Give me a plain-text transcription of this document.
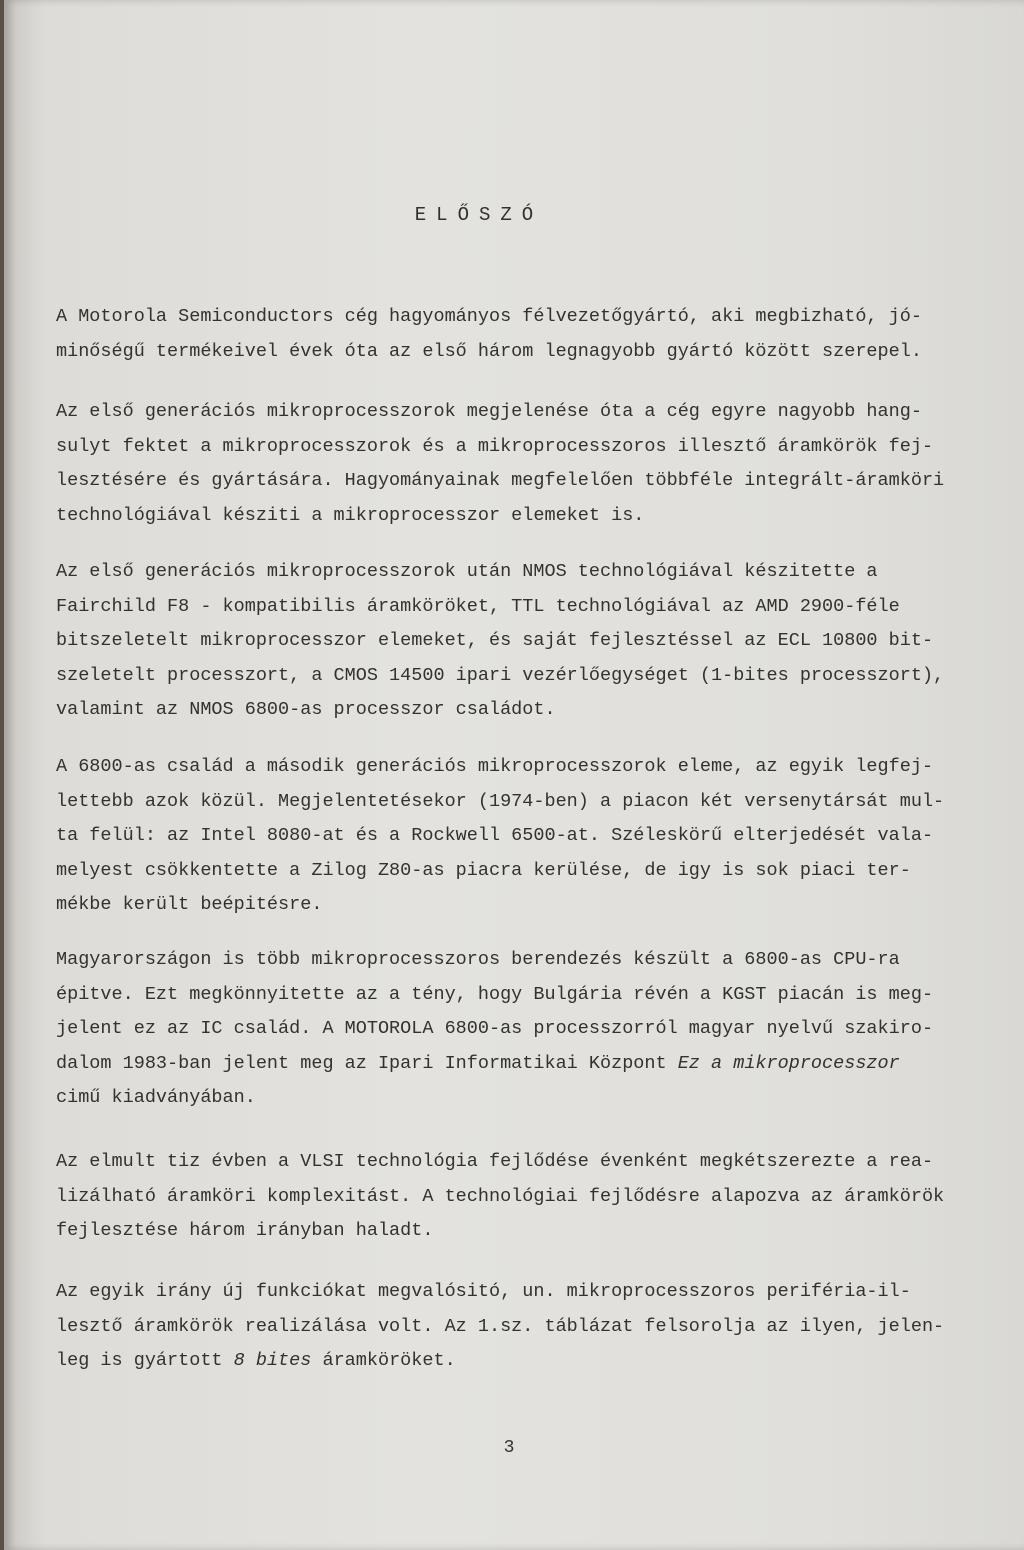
ELŐSZÓ

A Motorola Semiconductors cég hagyományos félvezetőgyártó, aki megbizható, jó-
minőségű termékeivel évek óta az első három legnagyobb gyártó között szerepel.

Az első generációs mikroprocesszorok megjelenése óta a cég egyre nagyobb hang-
sulyt fektet a mikroprocesszorok és a mikroprocesszoros illesztő áramkörök fej-
lesztésére és gyártására. Hagyományainak megfelelően többféle integrált-áramköri
technológiával késziti a mikroprocesszor elemeket is.

Az első generációs mikroprocesszorok után NMOS technológiával készitette a
Fairchild F8 - kompatibilis áramköröket, TTL technológiával az AMD 2900-féle
bitszeletelt mikroprocesszor elemeket, és saját fejlesztéssel az ECL 10800 bit-
szeletelt processzort, a CMOS 14500 ipari vezérlőegységet (1-bites processzort),
valamint az NMOS 6800-as processzor családot.

A 6800-as család a második generációs mikroprocesszorok eleme, az egyik legfej-
lettebb azok közül. Megjelentetésekor (1974-ben) a piacon két versenytársát mul-
ta felül: az Intel 8080-at és a Rockwell 6500-at. Széleskörű elterjedését vala-
melyest csökkentette a Zilog Z80-as piacra kerülése, de igy is sok piaci ter-
mékbe került beépitésre.

Magyarországon is több mikroprocesszoros berendezés készült a 6800-as CPU-ra
épitve. Ezt megkönnyitette az a tény, hogy Bulgária révén a KGST piacán is meg-
jelent ez az IC család. A MOTOROLA 6800-as processzorról magyar nyelvű szakiro-
dalom 1983-ban jelent meg az Ipari Informatikai Központ Ez a mikroprocesszor
cimű kiadványában.

Az elmult tiz évben a VLSI technológia fejlődése évenként megkétszerezte a rea-
lizálható áramköri komplexitást. A technológiai fejlődésre alapozva az áramkörök
fejlesztése három irányban haladt.

Az egyik irány új funkciókat megvalósitó, un. mikroprocesszoros periféria-il-
lesztő áramkörök realizálása volt. Az 1.sz. táblázat felsorolja az ilyen, jelen-
leg is gyártott 8 bites áramköröket.

3
